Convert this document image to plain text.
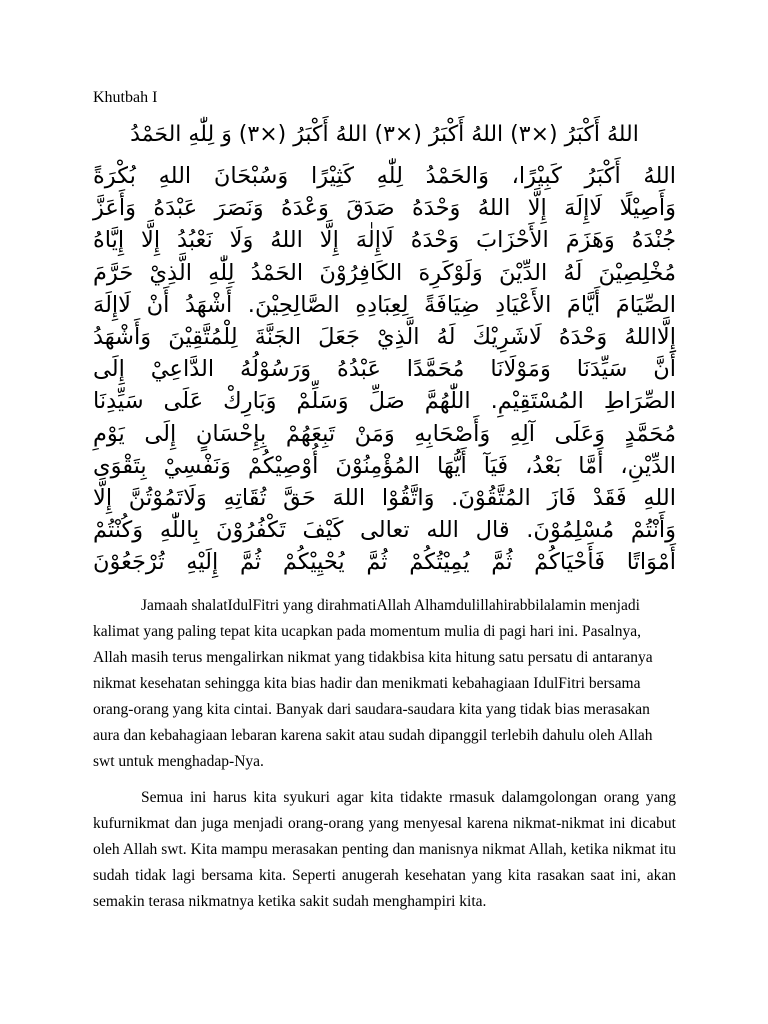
Khutbah I
اللهُ أَكْبَرُ (×٣) اللهُ أَكْبَرُ (×٣) اللهُ أَكْبَرُ (×٣) وَ لِلّٰهِ الحَمْدُ
اللهُ أَكْبَرُ كَبِيْرًا، وَالحَمْدُ لِلّٰهِ كَثِيْرًا وَسُبْحَانَ اللهِ بُكْرَةً
وَأَصِيْلًا لَاإِلَهَ إِلَّا اللهُ وَحْدَهُ صَدَقَ وَعْدَهُ وَنَصَرَ عَبْدَهُ وَأَعَزَّ
جُنْدَهُ وَهَزَمَ الأَحْزَابَ وَحْدَهُ لَاإِلٰهَ إِلَّا اللهُ وَلَا نَعْبُدُ إِلَّا إِيَّاهُ
مُخْلِصِيْنَ لَهُ الدِّيْنَ وَلَوْكَرِهَ الكَافِرُوْنَ الحَمْدُ لِلّٰهِ الَّذِيْ حَرَّمَ
الصِّيَامَ أَيَّامَ الأَعْيَادِ ضِيَافَةً لِعِبَادِهِ الصَّالِحِيْنَ. أَشْهَدُ أَنْ لَاإِلَهَ
إِلَّااللهُ وَحْدَهُ لَاشَرِيْكَ لَهُ الَّذِيْ جَعَلَ الجَنَّةَ لِلْمُتَّقِيْنَ وَأَشْهَدُ
أَنَّ سَيِّدَنَا وَمَوْلَانَا مُحَمَّدًا عَبْدُهُ وَرَسُوْلُهُ الدَّاعِيْ إِلَى
الصِّرَاطِ المُسْتَقِيْمِ. اللّٰهُمَّ صَلِّ وَسَلِّمْ وَبَارِكْ عَلَى سَيِّدِنَا
مُحَمَّدٍ وَعَلَى آلِهِ وَأَصْحَابِهِ وَمَنْ تَبِعَهُمْ بِإِحْسَانٍ إِلَى يَوْمِ
الدِّيْنِ، أَمَّا بَعْدُ، فَيَآ أَيُّهَا المُؤْمِنُوْنَ أُوْصِيْكُمْ وَنَفْسِيْ بِتَقْوَى
اللهِ فَقَدْ فَازَ المُتَّقُوْنَ. وَاتَّقُوْا اللهَ حَقَّ تُقَاتِهِ وَلَاتَمُوْتُنَّ إِلَّا
وَأَنْتُمْ مُسْلِمُوْنَ. قال الله تعالى كَيْفَ تَكْفُرُوْنَ بِاللّٰهِ وَكُنْتُمْ
أَمْوَاتًا فَأَحْيَاكُمْ ثُمَّ يُمِيْتُكُمْ ثُمَّ يُحْيِيْكُمْ ثُمَّ إِلَيْهِ تُرْجَعُوْنَ

Jamaah shalatIdulFitri yang dirahmatiAllah Alhamdulillahirabbilalamin menjadi kalimat yang paling tepat kita ucapkan pada momentum mulia di pagi hari ini. Pasalnya, Allah masih terus mengalirkan nikmat yang tidakbisa kita hitung satu persatu di antaranya nikmat kesehatan sehingga kita bias hadir dan menikmati kebahagiaan IdulFitri bersama orang-orang yang kita cintai. Banyak dari saudara-saudara kita yang tidak bias merasakan aura dan kebahagiaan lebaran karena sakit atau sudah dipanggil terlebih dahulu oleh Allah swt untuk menghadap-Nya.

Semua ini harus kita syukuri agar kita tidakte rmasuk dalamgolongan orang yang kufurnikmat dan juga menjadi orang-orang yang menyesal karena nikmat-nikmat ini dicabut oleh Allah swt. Kita mampu merasakan penting dan manisnya nikmat Allah, ketika nikmat itu sudah tidak lagi bersama kita. Seperti anugerah kesehatan yang kita rasakan saat ini, akan semakin terasa nikmatnya ketika sakit sudah menghampiri kita.
